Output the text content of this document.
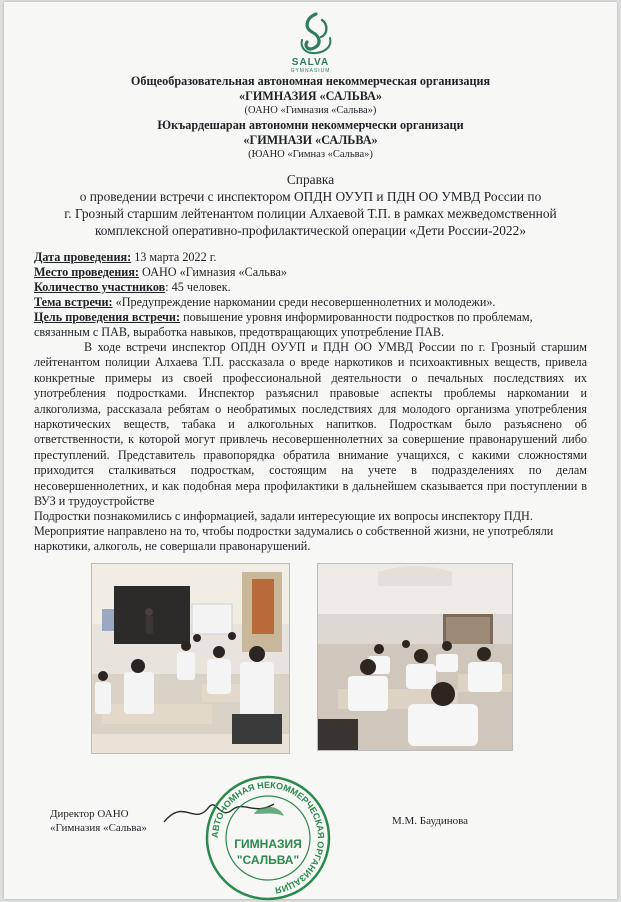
SALVA
GYMNASIUM
Общеобразовательная автономная некоммерческая организация
«ГИМНАЗИЯ «САЛЬВА»
(ОАНО «Гимназия «Сальва»)
Юкъардешаран автономни некоммерчески организаци
«ГИМНАЗИ «САЛЬВА»
(ЮАНО «Гимназ «Сальва»)
Справка
о проведении встречи с инспектором ОПДН ОУУП и ПДН ОО УМВД России по
г. Грозный старшим лейтенантом полиции Алхаевой Т.П. в рамках межведомственной
комплексной оперативно-профилактической операции «Дети России-2022»
Дата проведения: 13 марта 2022 г.
Место проведения: ОАНО «Гимназия «Сальва»
Количество участников: 45 человек.
Тема встречи: «Предупреждение наркомании среди несовершеннолетних и молодежи».
Цель проведения встречи: повышение уровня информированности подростков по проблемам,
связанным с ПАВ, выработка навыков, предотвращающих употребление ПАВ.
В ходе встречи инспектор ОПДН ОУУП и ПДН ОО УМВД России по г. Грозный старшим лейтенантом полиции Алхаева Т.П. рассказала о вреде наркотиков и психоактивных веществ, привела конкретные примеры из своей профессиональной деятельности о печальных последствиях их употребления подростками. Инспектор разъяснил правовые аспекты проблемы наркомании и алкоголизма, рассказала ребятам о необратимых последствиях для молодого организма употребления наркотических веществ, табака и алкогольных напитков. Подросткам было разъяснено об ответственности, к которой могут привлечь несовершеннолетних за совершение правонарушений либо преступлений. Представитель правопорядка обратила внимание учащихся, с какими сложностями приходится сталкиваться подросткам, состоящим на учете в подразделениях по делам несовершеннолетних, и как подобная мера профилактики в дальнейшем сказывается при поступлении в ВУЗ и трудоустройстве
Подростки познакомились с информацией, задали интересующие их вопросы инспектору ПДН.
Мероприятие направлено на то, чтобы подростки задумались о собственной жизни, не употребляли наркотики, алкоголь, не совершали правонарушений.
Директор ОАНО
«Гимназия «Сальва»
М.М. Баудинова
АВТОНОМНАЯ НЕКОММЕРЧЕСКАЯ ОРГАНИЗАЦИЯ
ГИМНАЗИЯ
"САЛЬВА"
